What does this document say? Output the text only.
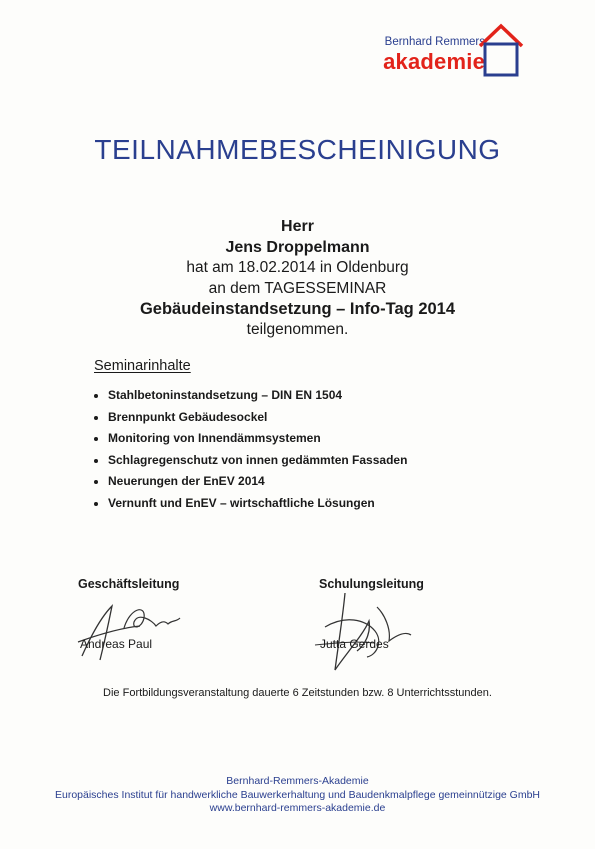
Bernhard Remmers
akademie
TEILNAHMEBESCHEINIGUNG
Herr
Jens Droppelmann
hat am 18.02.2014 in Oldenburg
an dem TAGESSEMINAR
Gebäudeinstandsetzung – Info-Tag 2014
teilgenommen.
Seminarinhalte
Stahlbetoninstandsetzung – DIN EN 1504
Brennpunkt Gebäudesockel
Monitoring von Innendämmsystemen
Schlagregenschutz von innen gedämmten Fassaden
Neuerungen der EnEV 2014
Vernunft und EnEV – wirtschaftliche Lösungen
Geschäftsleitung	Schulungsleitung
Andreas Paul	Jutta Gerdes
Die Fortbildungsveranstaltung dauerte 6 Zeitstunden bzw. 8 Unterrichtsstunden.
Bernhard-Remmers-Akademie
Europäisches Institut für handwerkliche Bauwerkerhaltung und Baudenkmalpflege gemeinnützige GmbH
www.bernhard-remmers-akademie.de
